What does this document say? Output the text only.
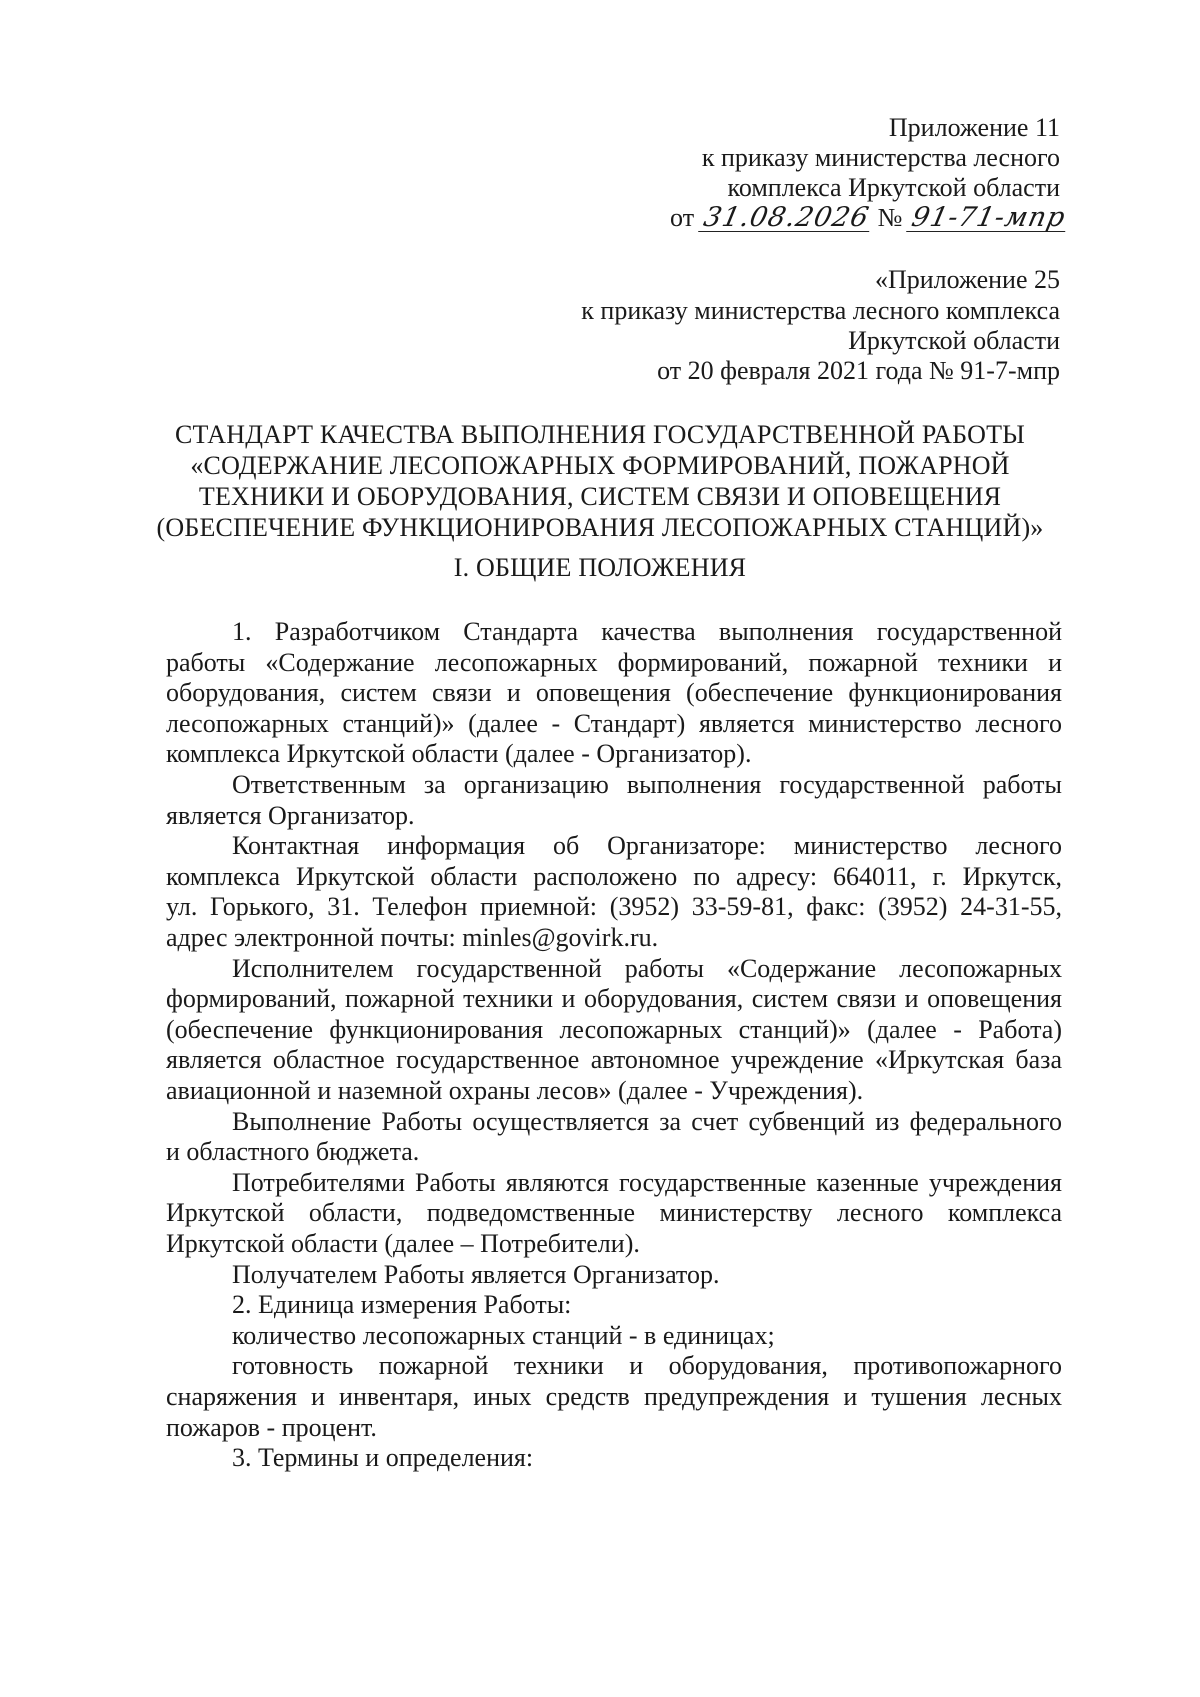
Приложение 11
к приказу министерства лесного
комплекса Иркутской области
от 31.08.2026 № 91-71-мпр
«Приложение 25
к приказу министерства лесного комплекса
Иркутской области
от 20 февраля 2021 года № 91-7-мпр
СТАНДАРТ КАЧЕСТВА ВЫПОЛНЕНИЯ ГОСУДАРСТВЕННОЙ РАБОТЫ
«СОДЕРЖАНИЕ ЛЕСОПОЖАРНЫХ ФОРМИРОВАНИЙ, ПОЖАРНОЙ
ТЕХНИКИ И ОБОРУДОВАНИЯ, СИСТЕМ СВЯЗИ И ОПОВЕЩЕНИЯ
(ОБЕСПЕЧЕНИЕ ФУНКЦИОНИРОВАНИЯ ЛЕСОПОЖАРНЫХ СТАНЦИЙ)»
I. ОБЩИЕ ПОЛОЖЕНИЯ
1. Разработчиком Стандарта качества выполнения государственной
работы «Содержание лесопожарных формирований, пожарной техники и
оборудования, систем связи и оповещения (обеспечение функционирования
лесопожарных станций)» (далее - Стандарт) является министерство лесного
комплекса Иркутской области (далее - Организатор).
Ответственным за организацию выполнения государственной работы
является Организатор.
Контактная информация об Организаторе: министерство лесного
комплекса Иркутской области расположено по адресу: 664011, г. Иркутск,
ул. Горького, 31. Телефон приемной: (3952) 33-59-81, факс: (3952) 24-31-55,
адрес электронной почты: minles@govirk.ru.
Исполнителем государственной работы «Содержание лесопожарных
формирований, пожарной техники и оборудования, систем связи и оповещения
(обеспечение функционирования лесопожарных станций)» (далее - Работа)
является областное государственное автономное учреждение «Иркутская база
авиационной и наземной охраны лесов» (далее - Учреждения).
Выполнение Работы осуществляется за счет субвенций из федерального
и областного бюджета.
Потребителями Работы являются государственные казенные учреждения
Иркутской области, подведомственные министерству лесного комплекса
Иркутской области (далее – Потребители).
Получателем Работы является Организатор.
2. Единица измерения Работы:
количество лесопожарных станций - в единицах;
готовность пожарной техники и оборудования, противопожарного
снаряжения и инвентаря, иных средств предупреждения и тушения лесных
пожаров - процент.
3. Термины и определения:
